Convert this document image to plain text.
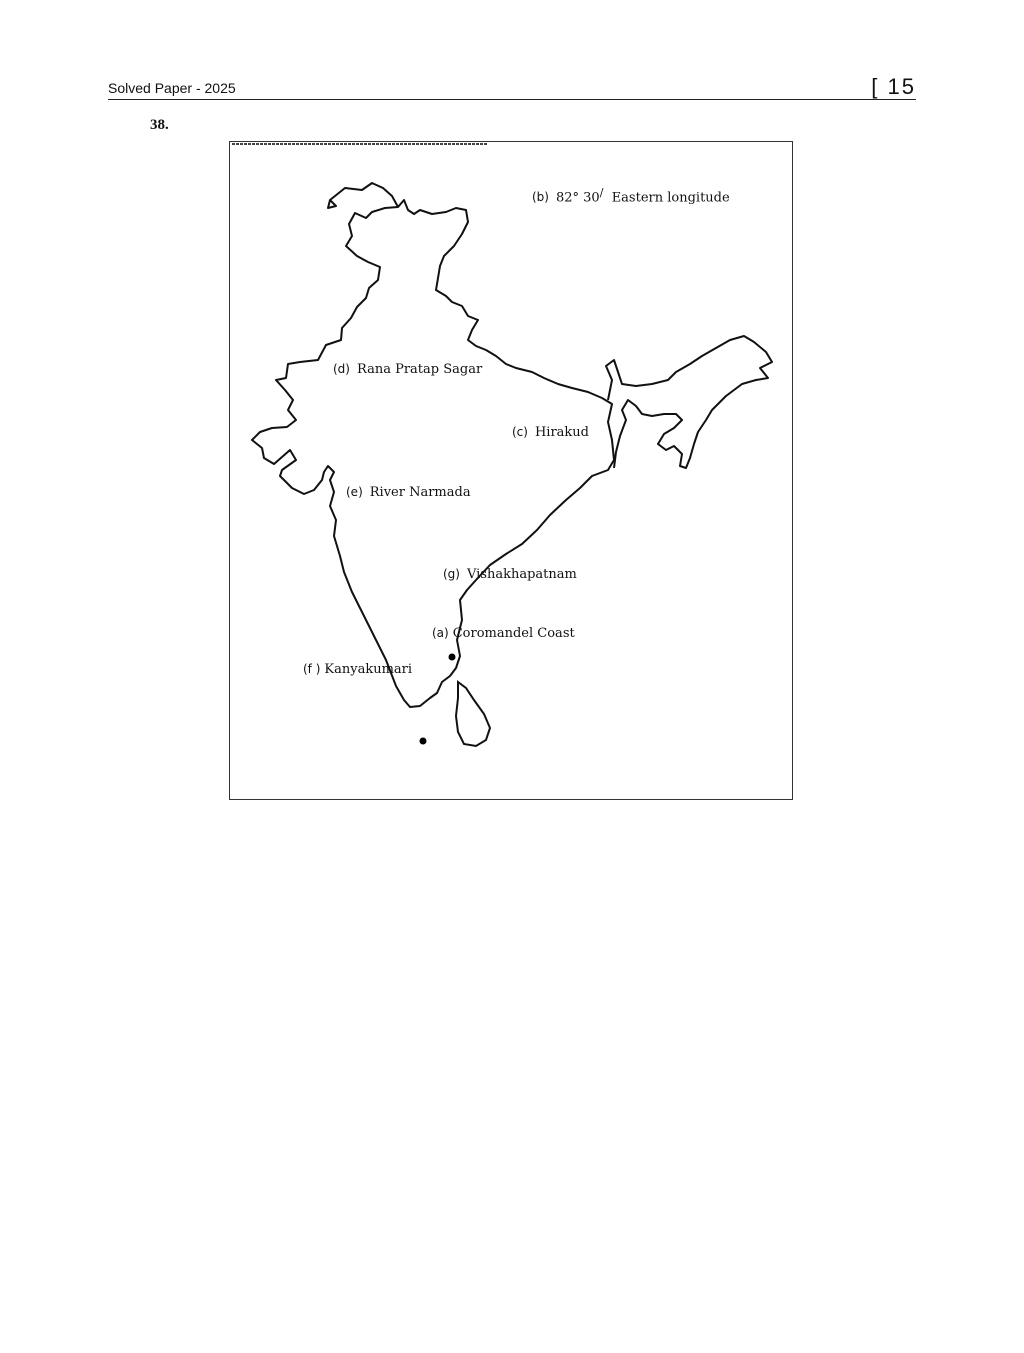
Solved Paper - 2025	[ 15
38.
(b) 82° 30/ Eastern longitude
(d) Rana Pratap Sagar
(c) Hirakud
(e) River Narmada
(g) Vishakhapatnam
(a) Coromandel Coast
(f ) Kanyakumari
